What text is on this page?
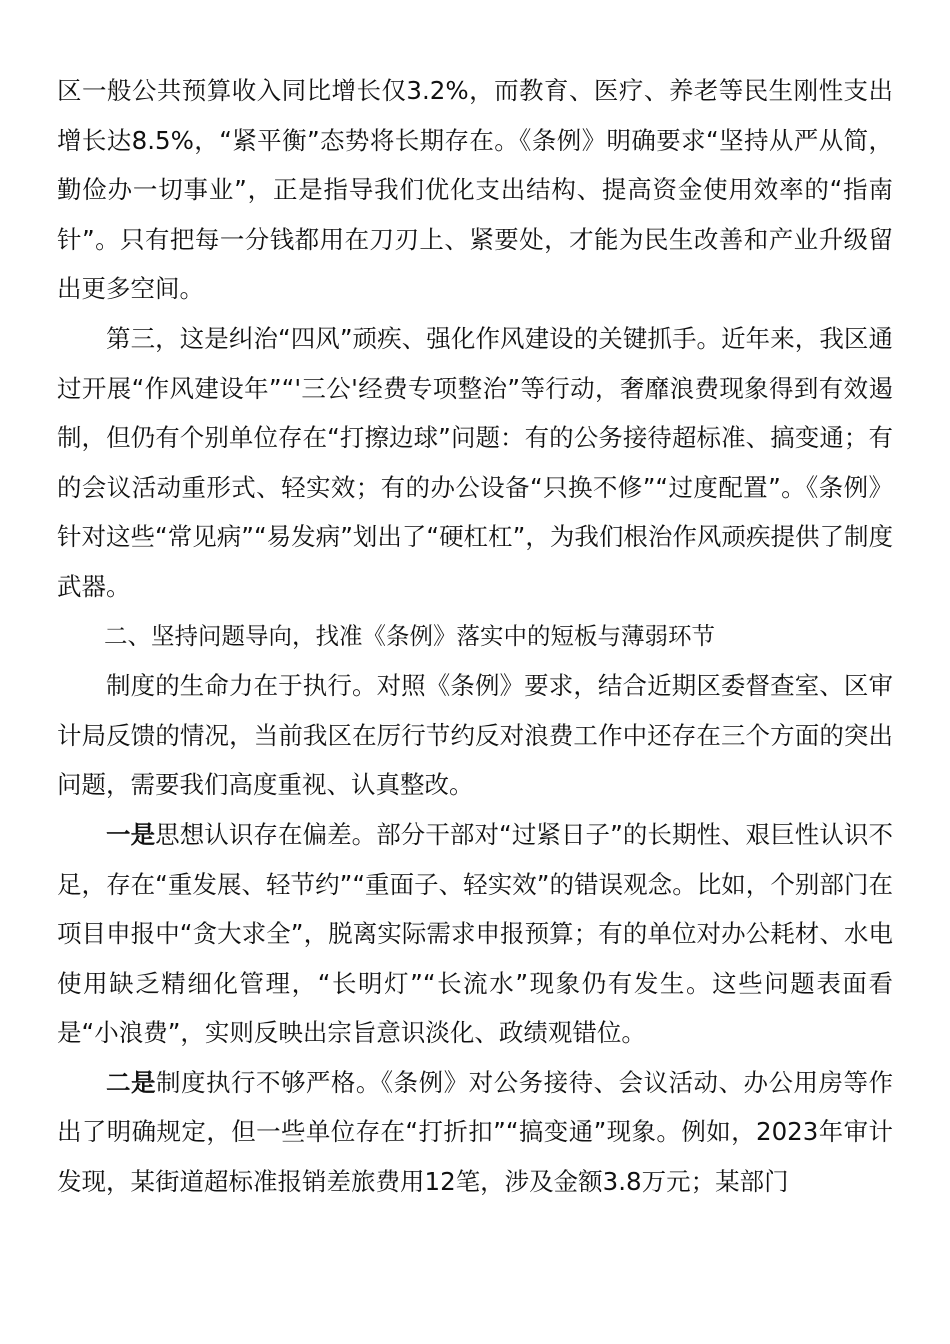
区一般公共预算收入同比增长仅3.2%，而教育、医疗、养老等民生刚性支出增长达8.5%，“紧平衡”态势将长期存在。《条例》明确要求“坚持从严从简，勤俭办一切事业”，正是指导我们优化支出结构、提高资金使用效率的“指南针”。只有把每一分钱都用在刀刃上、紧要处，才能为民生改善和产业升级留出更多空间。

第三，这是纠治“四风”顽疾、强化作风建设的关键抓手。近年来，我区通过开展“作风建设年”“'三公'经费专项整治”等行动，奢靡浪费现象得到有效遏制，但仍有个别单位存在“打擦边球”问题：有的公务接待超标准、搞变通；有的会议活动重形式、轻实效；有的办公设备“只换不修”“过度配置”。《条例》针对这些“常见病”“易发病”划出了“硬杠杠”，为我们根治作风顽疾提供了制度武器。

二、坚持问题导向，找准《条例》落实中的短板与薄弱环节

制度的生命力在于执行。对照《条例》要求，结合近期区委督查室、区审计局反馈的情况，当前我区在厉行节约反对浪费工作中还存在三个方面的突出问题，需要我们高度重视、认真整改。

一是思想认识存在偏差。部分干部对“过紧日子”的长期性、艰巨性认识不足，存在“重发展、轻节约”“重面子、轻实效”的错误观念。比如，个别部门在项目申报中“贪大求全”，脱离实际需求申报预算；有的单位对办公耗材、水电使用缺乏精细化管理，“长明灯”“长流水”现象仍有发生。这些问题表面看是“小浪费”，实则反映出宗旨意识淡化、政绩观错位。

二是制度执行不够严格。《条例》对公务接待、会议活动、办公用房等作出了明确规定，但一些单位存在“打折扣”“搞变通”现象。例如，2023年审计发现，某街道超标准报销差旅费用12笔，涉及金额3.8万元；某部门
